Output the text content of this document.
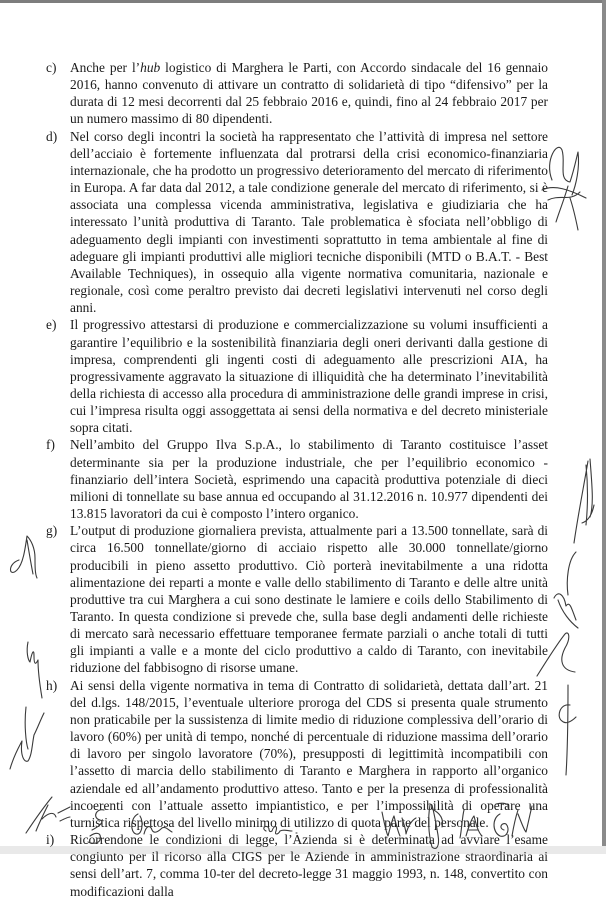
c)	Anche per l’hub logistico di Marghera le Parti, con Accordo sindacale del 16 gennaio 2016, hanno convenuto di attivare un contratto di solidarietà di tipo “difensivo” per la durata di 12 mesi decorrenti dal 25 febbraio 2016 e, quindi, fino al 24 febbraio 2017 per un numero massimo di 80 dipendenti.
d) Nel corso degli incontri la società ha rappresentato che l’attività di impresa nel settore dell’acciaio è fortemente influenzata dal protrarsi della crisi economico-finanziaria internazionale, che ha prodotto un progressivo deterioramento del mercato di riferimento in Europa. A far data dal 2012, a tale condizione generale del mercato di riferimento, si è associata una complessa vicenda amministrativa, legislativa e giudiziaria che ha interessato l’unità produttiva di Taranto. Tale problematica è sfociata nell’obbligo di adeguamento degli impianti con investimenti soprattutto in tema ambientale al fine di adeguare gli impianti produttivi alle migliori tecniche disponibili (MTD o B.A.T. - Best Available Techniques), in ossequio alla vigente normativa comunitaria, nazionale e regionale, così come peraltro previsto dai decreti legislativi intervenuti nel corso degli anni.
e)	Il progressivo attestarsi di produzione e commercializzazione su volumi insufficienti a garantire l’equilibrio e la sostenibilità finanziaria degli oneri derivanti dalla gestione di impresa, comprendenti gli ingenti costi di adeguamento alle prescrizioni AIA, ha progressivamente aggravato la situazione di illiquidità che ha determinato l’inevitabilità della richiesta di accesso alla procedura di amministrazione delle grandi imprese in crisi, cui l’impresa risulta oggi assoggettata ai sensi della normativa e del decreto ministeriale sopra citati.
f)	Nell’ambito del Gruppo Ilva S.p.A., lo stabilimento di Taranto costituisce l’asset determinante sia per la produzione industriale, che per l’equilibrio economico - finanziario dell’intera Società, esprimendo una capacità produttiva potenziale di dieci milioni di tonnellate su base annua ed occupando al 31.12.2016 n. 10.977 dipendenti dei 13.815 lavoratori da cui è composto l’intero organico.
g) L’output di produzione giornaliera prevista, attualmente pari a 13.500 tonnellate, sarà di circa 16.500 tonnellate/giorno di acciaio rispetto alle 30.000 tonnellate/giorno producibili in pieno assetto produttivo. Ciò porterà inevitabilmente a una ridotta alimentazione dei reparti a monte e valle dello stabilimento di Taranto e delle altre unità produttive tra cui Marghera a cui sono destinate le lamiere e coils dello Stabilimento di Taranto. In questa condizione si prevede che, sulla base degli andamenti delle richieste di mercato sarà necessario effettuare temporanee fermate parziali o anche totali di tutti gli impianti a valle e a monte del ciclo produttivo a caldo di Taranto, con inevitabile riduzione del fabbisogno di risorse umane.
h) Ai sensi della vigente normativa in tema di Contratto di solidarietà, dettata dall’art. 21 del d.lgs. 148/2015, l’eventuale ulteriore proroga del CDS si presenta quale strumento non praticabile per la sussistenza di limite medio di riduzione complessiva dell’orario di lavoro (60%) per unità di tempo, nonché di percentuale di riduzione massima dell’orario di lavoro per singolo lavoratore (70%), presupposti di legittimità incompatibili con l’assetto di marcia dello stabilimento di Taranto e Marghera in rapporto all’organico aziendale ed all’andamento produttivo atteso. Tanto e per la presenza di professionalità incoerenti con l’attuale assetto impiantistico, e per l’impossibilità di operare una turnistica rispettosa del livello minimo di utilizzo di quota parte del personale.
i)	Ricorrendone le condizioni di legge, l’Azienda si è determinata ad avviare l’esame congiunto per il ricorso alla CIGS per le Aziende in amministrazione straordinaria ai sensi dell’art. 7, comma 10-ter del decreto-legge 31 maggio 1993, n. 148, convertito con modificazioni dalla
